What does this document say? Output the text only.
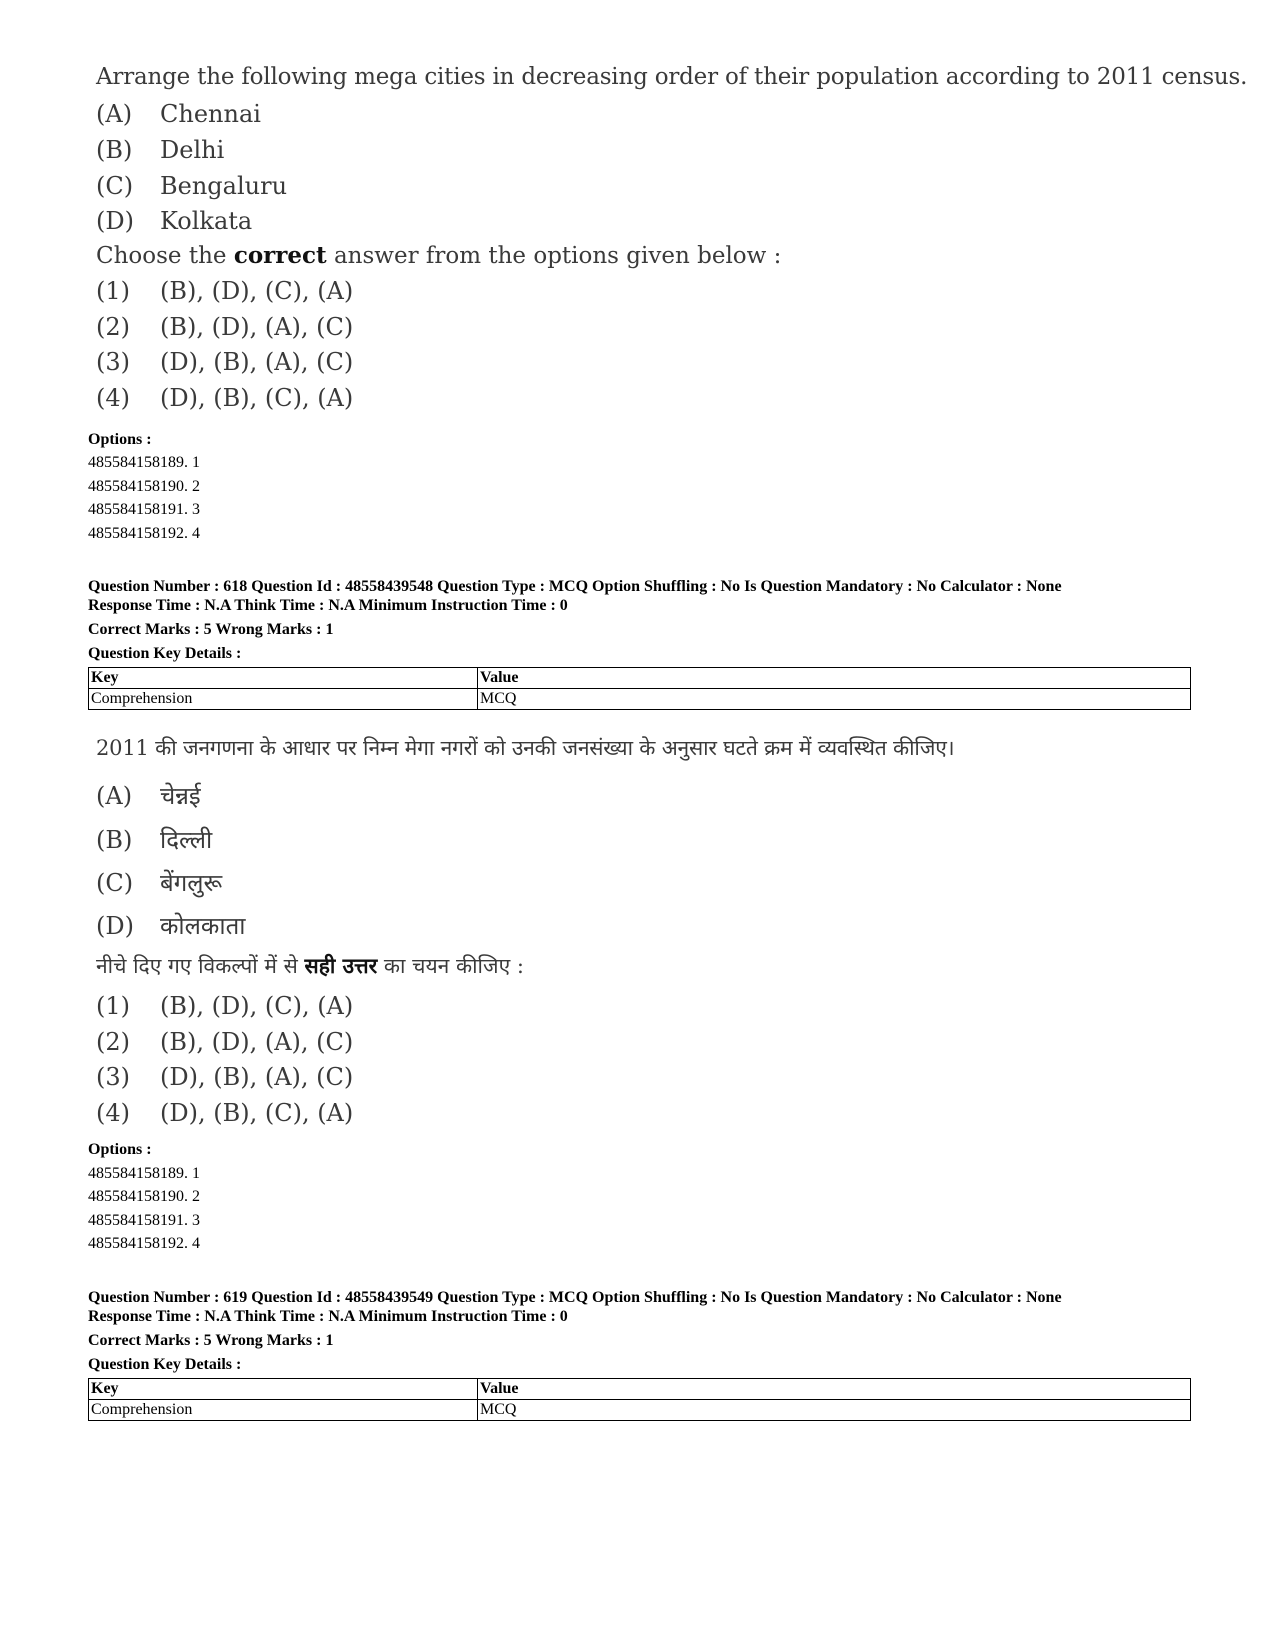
Arrange the following mega cities in decreasing order of their population according to 2011 census.
(A) Chennai
(B) Delhi
(C) Bengaluru
(D) Kolkata
Choose the correct answer from the options given below :
(1) (B), (D), (C), (A)
(2) (B), (D), (A), (C)
(3) (D), (B), (A), (C)
(4) (D), (B), (C), (A)
Options :
485584158189. 1
485584158190. 2
485584158191. 3
485584158192. 4
Question Number : 618 Question Id : 48558439548 Question Type : MCQ Option Shuffling : No Is Question Mandatory : No Calculator : None
Response Time : N.A Think Time : N.A Minimum Instruction Time : 0
Correct Marks : 5 Wrong Marks : 1
Question Key Details :
Key	Value
Comprehension	MCQ
2011 की जनगणना के आधार पर निम्न मेगा नगरों को उनकी जनसंख्या के अनुसार घटते क्रम में व्यवस्थित कीजिए।
(A) चेन्नई
(B) दिल्ली
(C) बेंगलुरू
(D) कोलकाता
नीचे दिए गए विकल्पों में से सही उत्तर का चयन कीजिए :
(1) (B), (D), (C), (A)
(2) (B), (D), (A), (C)
(3) (D), (B), (A), (C)
(4) (D), (B), (C), (A)
Options :
485584158189. 1
485584158190. 2
485584158191. 3
485584158192. 4
Question Number : 619 Question Id : 48558439549 Question Type : MCQ Option Shuffling : No Is Question Mandatory : No Calculator : None
Response Time : N.A Think Time : N.A Minimum Instruction Time : 0
Correct Marks : 5 Wrong Marks : 1
Question Key Details :
Key	Value
Comprehension	MCQ
